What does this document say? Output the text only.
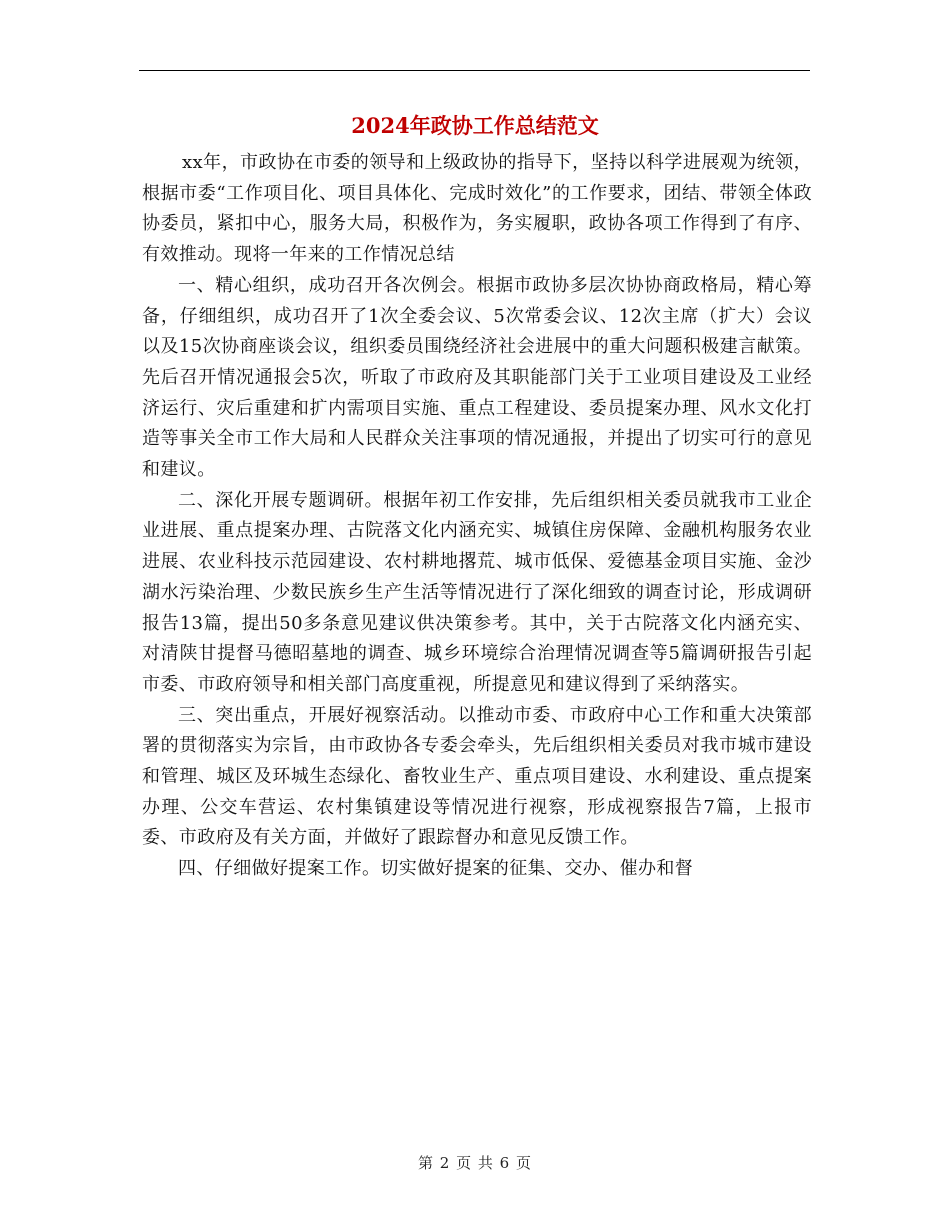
2024年政协工作总结范文

xx年，市政协在市委的领导和上级政协的指导下，坚持以科学进展观为统领，根据市委“工作项目化、项目具体化、完成时效化”的工作要求，团结、带领全体政协委员，紧扣中心，服务大局，积极作为，务实履职，政协各项工作得到了有序、有效推动。现将一年来的工作情况总结

一、精心组织，成功召开各次例会。根据市政协多层次协协商政格局，精心筹备，仔细组织，成功召开了1次全委会议、5次常委会议、12次主席（扩大）会议以及15次协商座谈会议，组织委员围绕经济社会进展中的重大问题积极建言献策。先后召开情况通报会5次，听取了市政府及其职能部门关于工业项目建设及工业经济运行、灾后重建和扩内需项目实施、重点工程建设、委员提案办理、风水文化打造等事关全市工作大局和人民群众关注事项的情况通报，并提出了切实可行的意见和建议。

二、深化开展专题调研。根据年初工作安排，先后组织相关委员就我市工业企业进展、重点提案办理、古院落文化内涵充实、城镇住房保障、金融机构服务农业进展、农业科技示范园建设、农村耕地撂荒、城市低保、爱德基金项目实施、金沙湖水污染治理、少数民族乡生产生活等情况进行了深化细致的调查讨论，形成调研报告13篇，提出50多条意见建议供决策参考。其中，关于古院落文化内涵充实、对清陕甘提督马德昭墓地的调查、城乡环境综合治理情况调查等5篇调研报告引起市委、市政府领导和相关部门高度重视，所提意见和建议得到了采纳落实。

三、突出重点，开展好视察活动。以推动市委、市政府中心工作和重大决策部署的贯彻落实为宗旨，由市政协各专委会牵头，先后组织相关委员对我市城市建设和管理、城区及环城生态绿化、畜牧业生产、重点项目建设、水利建设、重点提案办理、公交车营运、农村集镇建设等情况进行视察，形成视察报告7篇，上报市委、市政府及有关方面，并做好了跟踪督办和意见反馈工作。

四、仔细做好提案工作。切实做好提案的征集、交办、催办和督

第 2 页 共 6 页
